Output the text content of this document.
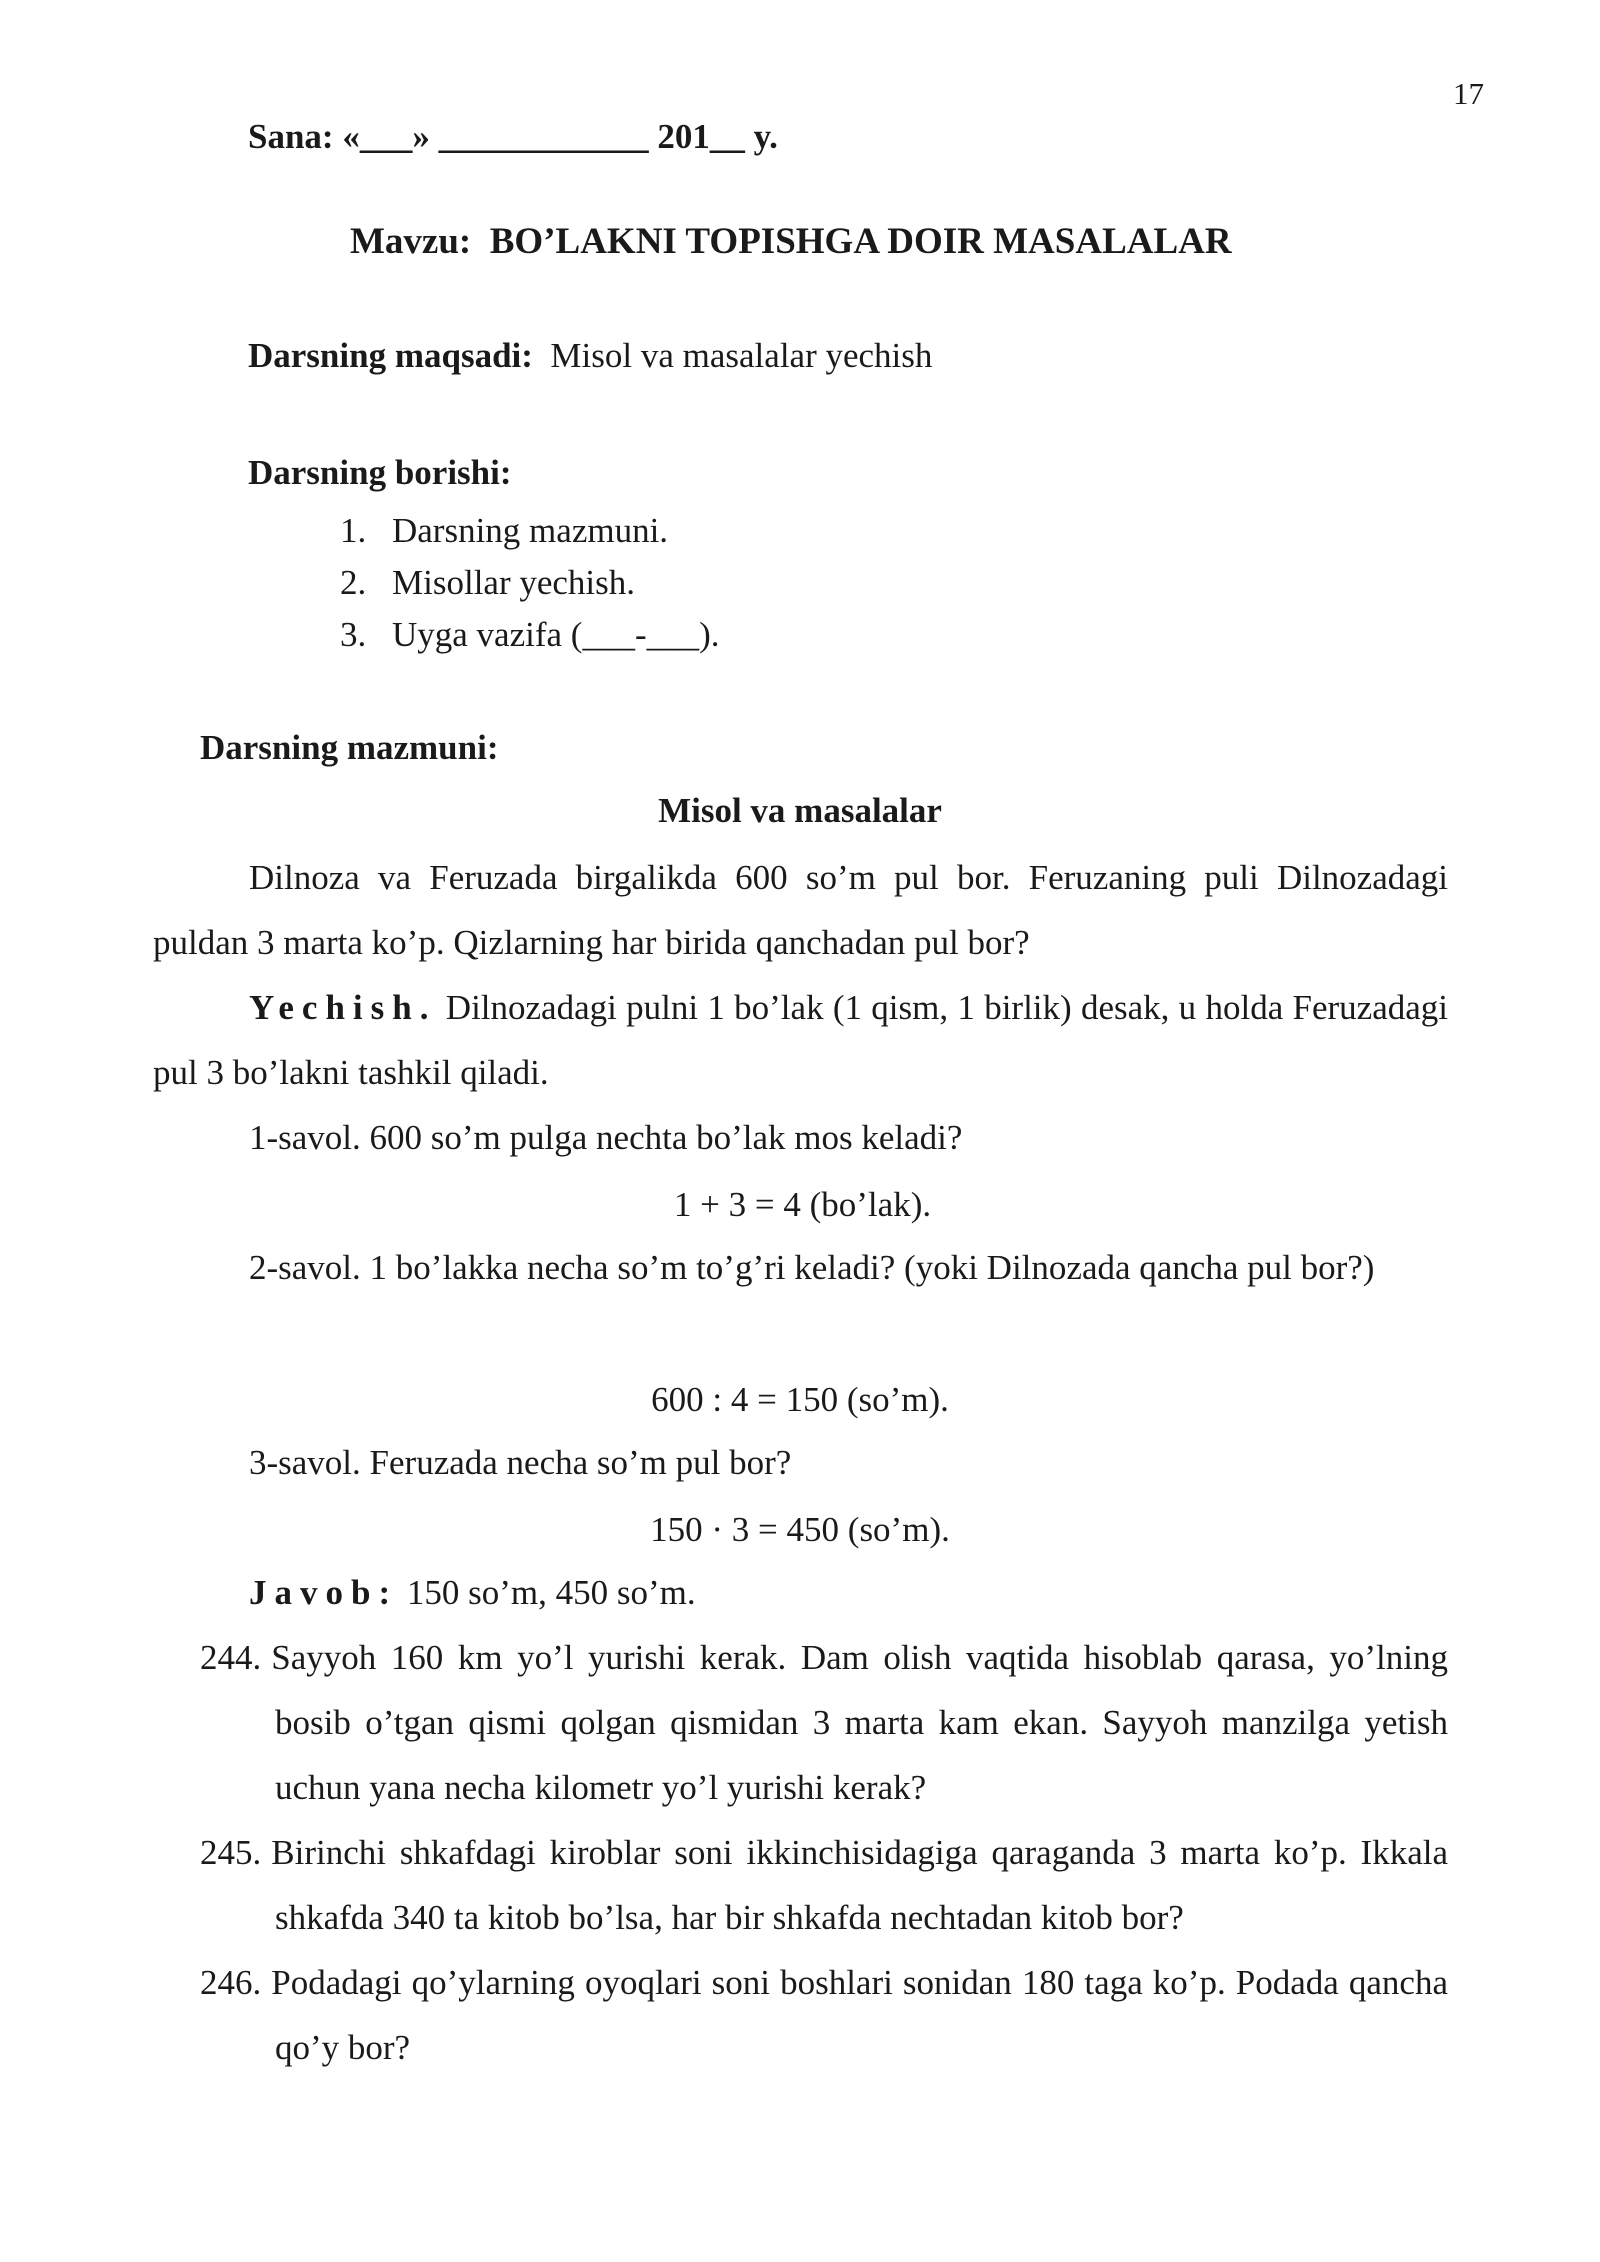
17
Sana: «___» ____________ 201__ y.
Mavzu: BO’LAKNI TOPISHGA DOIR MASALALAR
Darsning maqsadi: Misol va masalalar yechish
Darsning borishi:
1. Darsning mazmuni.
2. Misollar yechish.
3. Uyga vazifa (___-___).
Darsning mazmuni:
Misol va masalalar
Dilnoza va Feruzada birgalikda 600 so’m pul bor. Feruzaning puli Dilnozadagi puldan 3 marta ko’p. Qizlarning har birida qanchadan pul bor?
Yechish. Dilnozadagi pulni 1 bo’lak (1 qism, 1 birlik) desak, u holda Feruzadagi pul 3 bo’lakni tashkil qiladi.
1-savol. 600 so’m pulga nechta bo’lak mos keladi?
1 + 3 = 4 (bo’lak).
2-savol. 1 bo’lakka necha so’m to’g’ri keladi? (yoki Dilnozada qancha pul bor?)
600 : 4 = 150 (so’m).
3-savol. Feruzada necha so’m pul bor?
150 · 3 = 450 (so’m).
Javob: 150 so’m, 450 so’m.
244. Sayyoh 160 km yo’l yurishi kerak. Dam olish vaqtida hisoblab qarasa, yo’lning bosib o’tgan qismi qolgan qismidan 3 marta kam ekan. Sayyoh manzilga yetish uchun yana necha kilometr yo’l yurishi kerak?
245. Birinchi shkafdagi kiroblar soni ikkinchisidagiga qaraganda 3 marta ko’p. Ikkala shkafda 340 ta kitob bo’lsa, har bir shkafda nechtadan kitob bor?
246. Podadagi qo’ylarning oyoqlari soni boshlari sonidan 180 taga ko’p. Podada qancha qo’y bor?
